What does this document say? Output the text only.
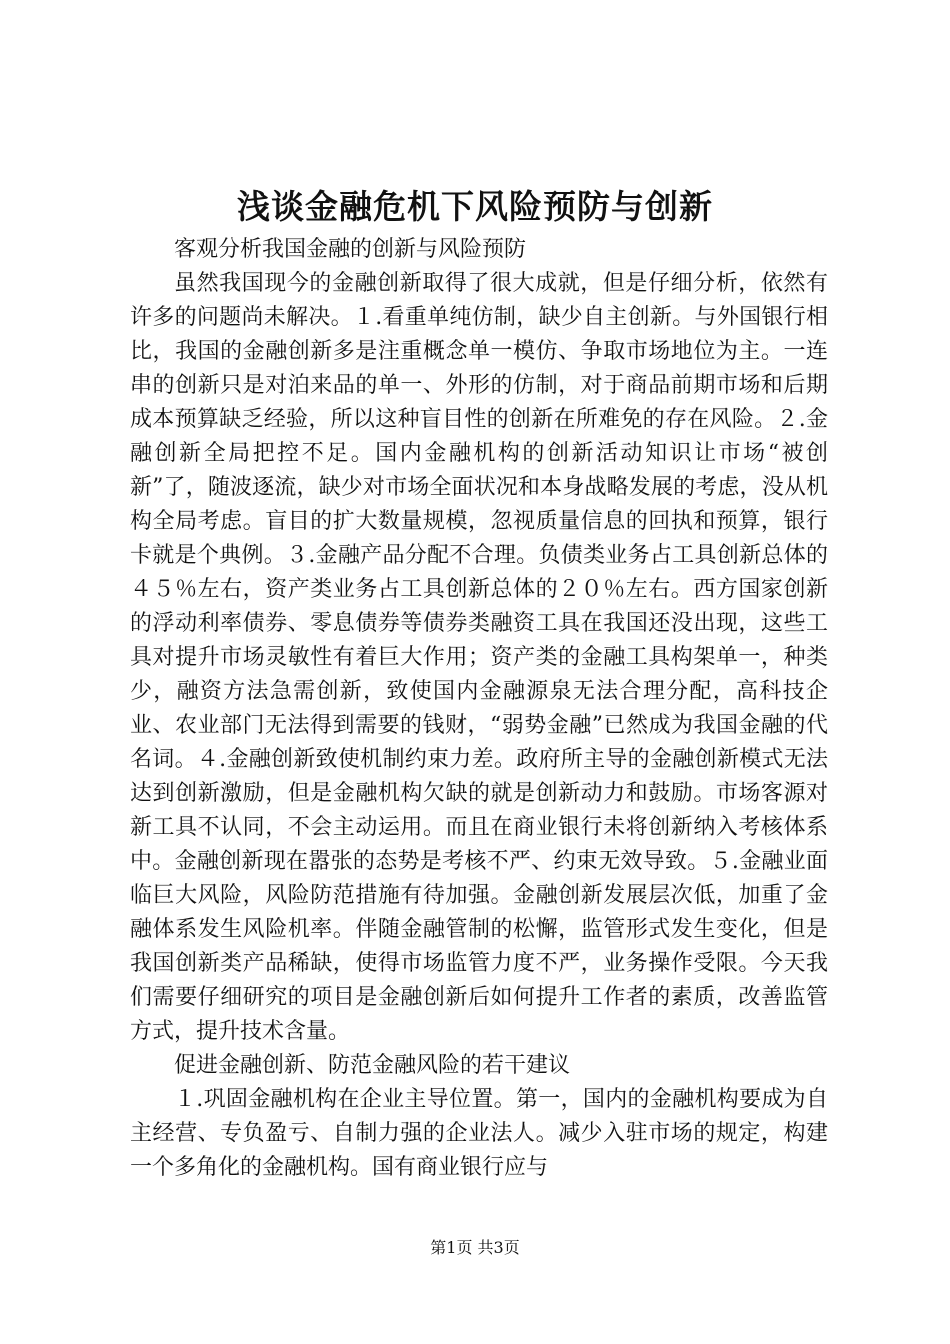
浅谈金融危机下风险预防与创新

客观分析我国金融的创新与风险预防

虽然我国现今的金融创新取得了很大成就，但是仔细分析，依然有许多的问题尚未解决。１.看重单纯仿制，缺少自主创新。与外国银行相比，我国的金融创新多是注重概念单一模仿、争取市场地位为主。一连串的创新只是对泊来品的单一、外形的仿制，对于商品前期市场和后期成本预算缺乏经验，所以这种盲目性的创新在所难免的存在风险。２.金融创新全局把控不足。国内金融机构的创新活动知识让市场“被创新”了，随波逐流，缺少对市场全面状况和本身战略发展的考虑，没从机构全局考虑。盲目的扩大数量规模，忽视质量信息的回执和预算，银行卡就是个典例。３.金融产品分配不合理。负债类业务占工具创新总体的４５％左右，资产类业务占工具创新总体的２０％左右。西方国家创新的浮动利率债券、零息债券等债券类融资工具在我国还没出现，这些工具对提升市场灵敏性有着巨大作用；资产类的金融工具构架单一，种类少，融资方法急需创新，致使国内金融源泉无法合理分配，高科技企业、农业部门无法得到需要的钱财，“弱势金融”已然成为我国金融的代名词。４.金融创新致使机制约束力差。政府所主导的金融创新模式无法达到创新激励，但是金融机构欠缺的就是创新动力和鼓励。市场客源对新工具不认同，不会主动运用。而且在商业银行未将创新纳入考核体系中。金融创新现在嚣张的态势是考核不严、约束无效导致。５.金融业面临巨大风险，风险防范措施有待加强。金融创新发展层次低，加重了金融体系发生风险机率。伴随金融管制的松懈，监管形式发生变化，但是我国创新类产品稀缺，使得市场监管力度不严，业务操作受限。今天我们需要仔细研究的项目是金融创新后如何提升工作者的素质，改善监管方式，提升技术含量。

促进金融创新、防范金融风险的若干建议

１.巩固金融机构在企业主导位置。第一，国内的金融机构要成为自主经营、专负盈亏、自制力强的企业法人。减少入驻市场的规定，构建一个多角化的金融机构。国有商业银行应与

第1页 共3页
